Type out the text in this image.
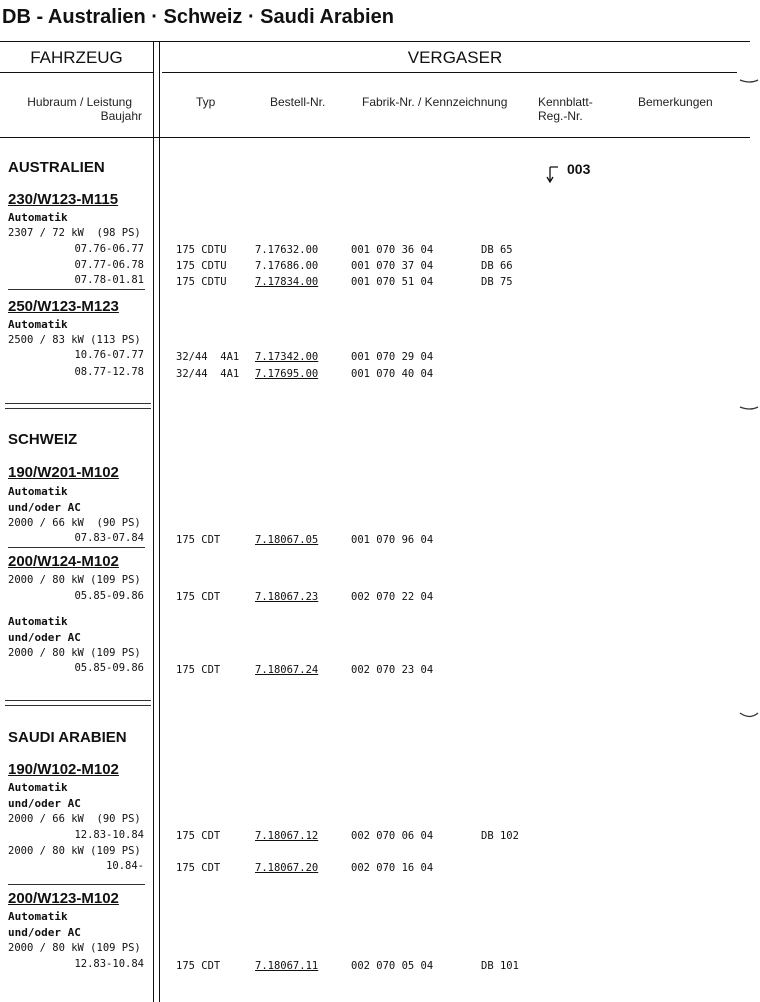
DB - Australien · Schweiz · Saudi Arabien
FAHRZEUG	VERGASER
Hubraum / Leistung
Baujahr
Typ	Bestell-Nr.	Fabrik-Nr. / Kennzeichnung	Kennblatt-
Reg.-Nr.
Bemerkungen
003
AUSTRALIEN
230/W123-M115
Automatik
2307 / 72 kW  (98 PS)
07.76-06.77	175 CDTU	7.17632.00	001 070 36 04	DB 65
07.77-06.78	175 CDTU	7.17686.00	001 070 37 04	DB 66
07.78-01.81	175 CDTU	7.17834.00	001 070 51 04	DB 75
250/W123-M123
Automatik
2500 / 83 kW (113 PS)
10.76-07.77	32/44  4A1 7.17342.00	001 070 29 04
08.77-12.78	32/44  4A1 7.17695.00	001 070 40 04
SCHWEIZ
190/W201-M102
Automatik
und/oder AC
2000 / 66 kW  (90 PS)
07.83-07.84	175 CDT	7.18067.05	001 070 96 04
200/W124-M102
2000 / 80 kW (109 PS)
05.85-09.86	175 CDT	7.18067.23	002 070 22 04
Automatik
und/oder AC
2000 / 80 kW (109 PS)
05.85-09.86	175 CDT	7.18067.24	002 070 23 04
SAUDI ARABIEN
190/W102-M102
Automatik
und/oder AC
2000 / 66 kW  (90 PS)
12.83-10.84	175 CDT	7.18067.12	002 070 06 04	DB 102
2000 / 80 kW (109 PS)
10.84-	175 CDT	7.18067.20	002 070 16 04
200/W123-M102
Automatik
und/oder AC
2000 / 80 kW (109 PS)
12.83-10.84	175 CDT	7.18067.11	002 070 05 04	DB 101
